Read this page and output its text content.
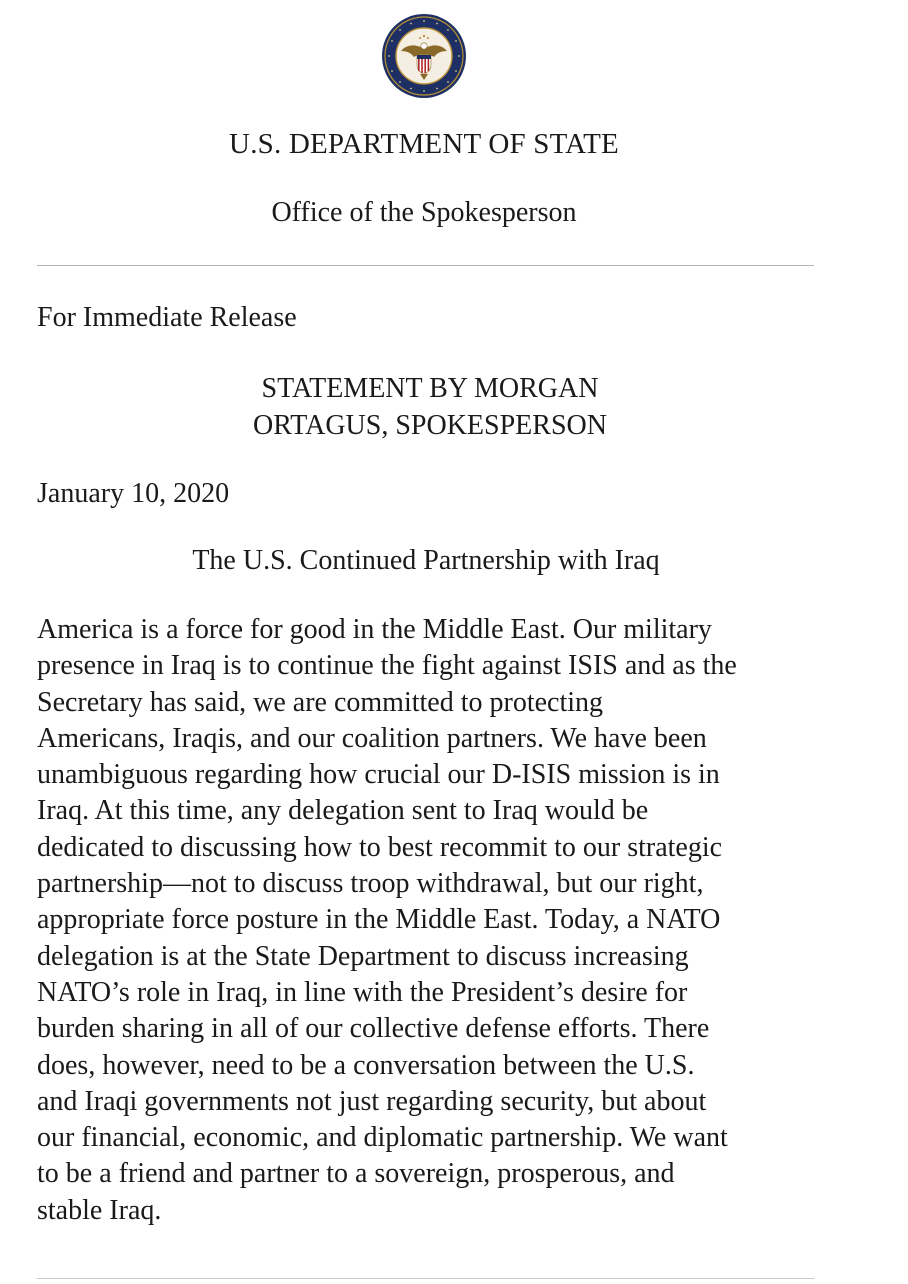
U.S. DEPARTMENT OF STATE
Office of the Spokesperson
For Immediate Release
STATEMENT BY MORGAN
ORTAGUS, SPOKESPERSON
January 10, 2020
The U.S. Continued Partnership with Iraq
America is a force for good in the Middle East. Our military
presence in Iraq is to continue the fight against ISIS and as the
Secretary has said, we are committed to protecting
Americans, Iraqis, and our coalition partners. We have been
unambiguous regarding how crucial our D-ISIS mission is in
Iraq. At this time, any delegation sent to Iraq would be
dedicated to discussing how to best recommit to our strategic
partnership—not to discuss troop withdrawal, but our right,
appropriate force posture in the Middle East. Today, a NATO
delegation is at the State Department to discuss increasing
NATO’s role in Iraq, in line with the President’s desire for
burden sharing in all of our collective defense efforts. There
does, however, need to be a conversation between the U.S.
and Iraqi governments not just regarding security, but about
our financial, economic, and diplomatic partnership. We want
to be a friend and partner to a sovereign, prosperous, and
stable Iraq.
